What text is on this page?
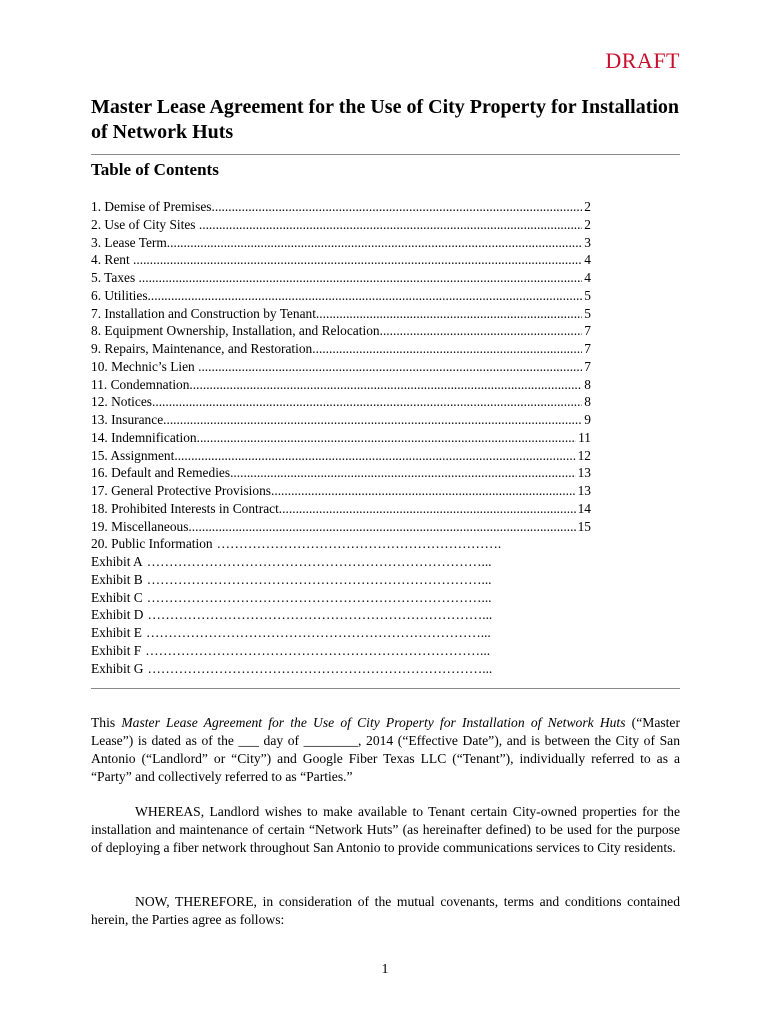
DRAFT
Master Lease Agreement for the Use of City Property for Installation of Network Huts
Table of Contents
1. Demise of Premises .....	2
2. Use of City Sites . .....	2
3. Lease Term .....	3
4. Rent . .....	4
5. Taxes . .....	4
6. Utilities .....	5
7. Installation and Construction by Tenant. .....	5
8. Equipment Ownership, Installation, and Relocation. .....	7
9. Repairs, Maintenance, and Restoration. .....	7
10. Mechnic’s Lien . .....	7
11. Condemnation. .....	8
12. Notices .....	8
13. Insurance .....	9
14. Indemnification .....	11
15. Assignment. .....	12
16. Default and Remedies. .....	13
17. General Protective Provisions .....	13
18. Prohibited Interests in Contract. .....	14
19. Miscellaneous. .....	15
20. Public Information ……………………………………………………….
Exhibit A …………………………………………………………………...
Exhibit B …………………………………………………………………...
Exhibit C …………………………………………………………………...
Exhibit D …………………………………………………………………...
Exhibit E …………………………………………………………………...
Exhibit F …………………………………………………………………...
Exhibit G …………………………………………………………………...

This Master Lease Agreement for the Use of City Property for Installation of Network Huts (“Master Lease”) is dated as of the ___ day of ________, 2014 (“Effective Date”), and is between the City of San Antonio (“Landlord” or “City”) and Google Fiber Texas LLC (“Tenant”), individually referred to as a “Party” and collectively referred to as “Parties.”

WHEREAS, Landlord wishes to make available to Tenant certain City-owned properties for the installation and maintenance of certain “Network Huts” (as hereinafter defined) to be used for the purpose of deploying a fiber network throughout San Antonio to provide communications services to City residents.

NOW, THEREFORE, in consideration of the mutual covenants, terms and conditions contained herein, the Parties agree as follows:

1
